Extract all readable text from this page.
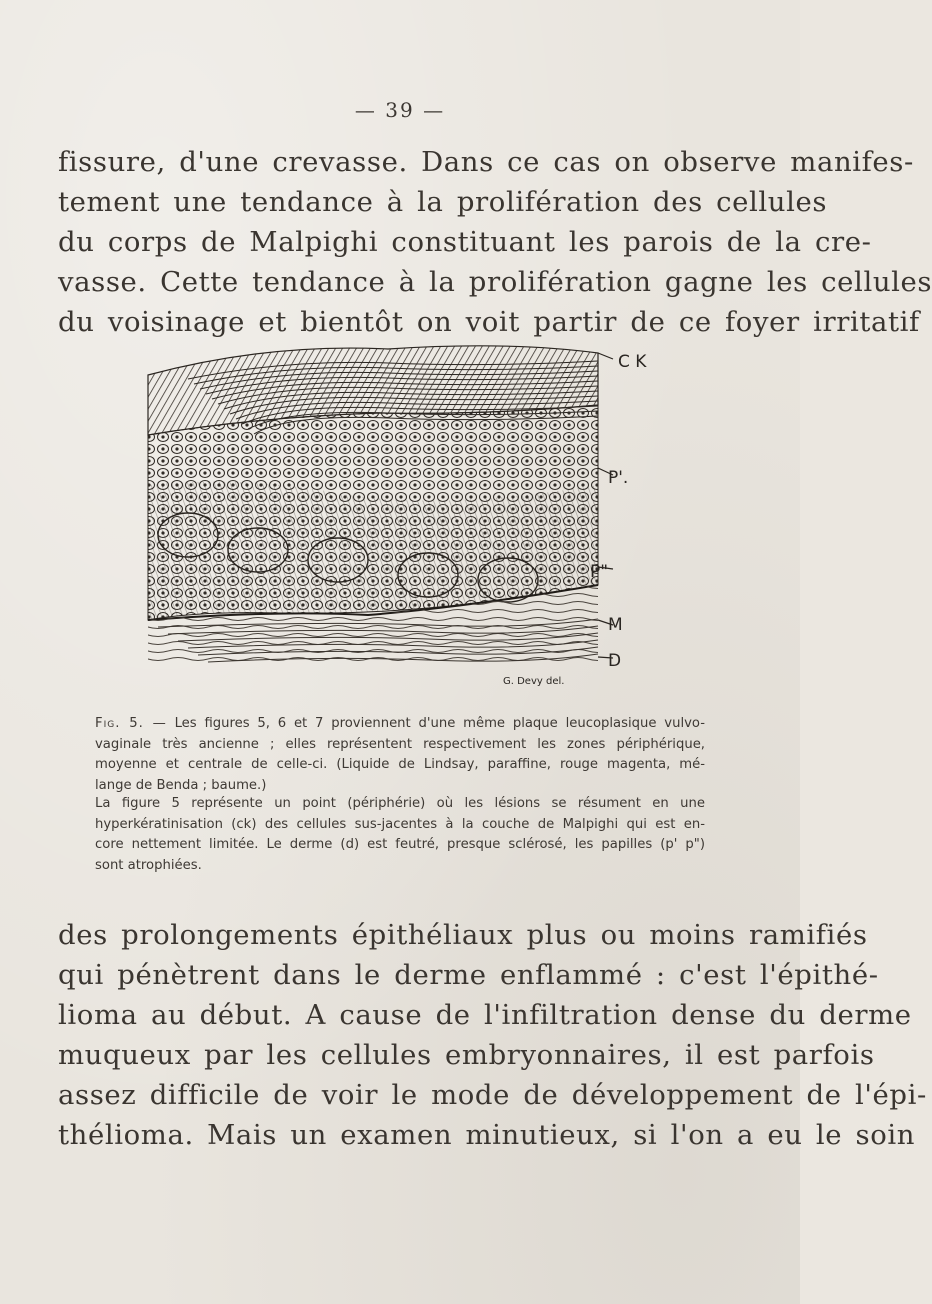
— 39 —
fissure, d'une crevasse. Dans ce cas on observe manifes-
tement une tendance à la prolifération des cellules
du corps de Malpighi constituant les parois de la cre-
vasse. Cette tendance à la prolifération gagne les cellules
du voisinage et bientôt on voit partir de ce foyer irritatif
C K
P'.
P"
M
D
G. Devy del.
Fig. 5. — Les figures 5, 6 et 7 proviennent d'une même plaque leucoplasique vulvo-
vaginale très ancienne ; elles représentent respectivement les zones périphérique,
moyenne et centrale de celle-ci. (Liquide de Lindsay, paraffine, rouge magenta, mé-
lange de Benda ; baume.)
La figure 5 représente un point (périphérie) où les lésions se résument en une
hyperkératinisation (ck) des cellules sus-jacentes à la couche de Malpighi qui est en-
core nettement limitée. Le derme (d) est feutré, presque sclérosé, les papilles (p' p")
sont atrophiées.
des prolongements épithéliaux plus ou moins ramifiés
qui pénètrent dans le derme enflammé : c'est l'épithé-
lioma au début. A cause de l'infiltration dense du derme
muqueux par les cellules embryonnaires, il est parfois
assez difficile de voir le mode de développement de l'épi-
thélioma. Mais un examen minutieux, si l'on a eu le soin
